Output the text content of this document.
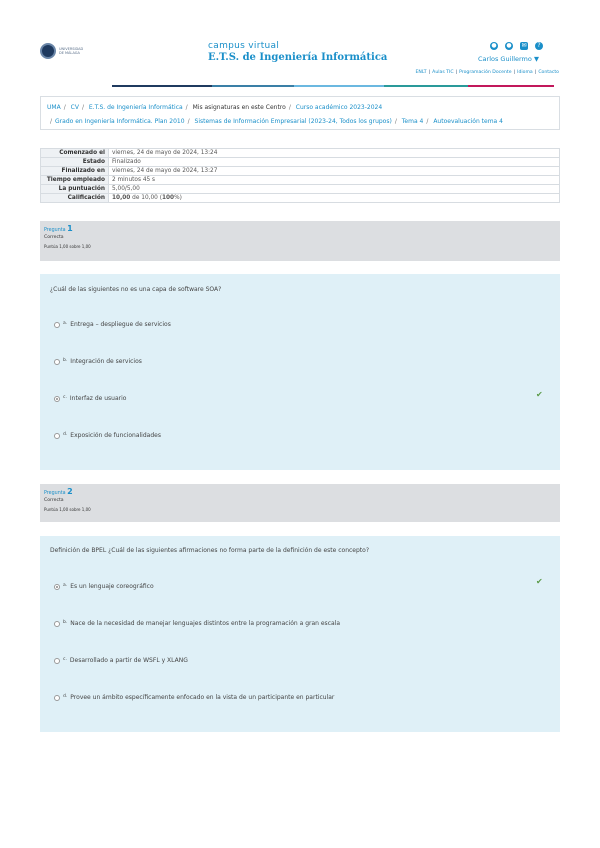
UNIVERSIDAD DE MÁLAGA
campus virtual
E.T.S. de Ingeniería Informática
● ● ✉	?
Carlos Guillermo ▼
ENLT | Aulas TIC | Programación Docente | Idioma | Contacto
UMA / CV / E.T.S. de Ingeniería Informática / Mis asignaturas en este Centro / Curso académico 2023-2024
/ Grado en Ingeniería Informática. Plan 2010 / Sistemas de Información Empresarial (2023-24, Todos los grupos) / Tema 4 / Autoevaluación tema 4
Comenzado el	viernes, 24 de mayo de 2024, 13:24
Estado	Finalizado
Finalizado en	viernes, 24 de mayo de 2024, 13:27
Tiempo empleado	2 minutos 45 s
La puntuación	5,00/5,00
Calificación	10,00 de 10,00 (100%)
Pregunta 1
Correcta
Puntúa 1,00 sobre 1,00
¿Cuál de las siguientes no es una capa de software SOA?
a. Entrega – despliegue de servicios
b. Integración de servicios
c. Interfaz de usuario	✔
d. Exposición de funcionalidades
Pregunta 2
Correcta
Puntúa 1,00 sobre 1,00
Definición de BPEL ¿Cuál de las siguientes afirmaciones no forma parte de la definición de este concepto?
a. Es un lenguaje coreográfico
✔
b. Nace de la necesidad de manejar lenguajes distintos entre la programación a gran escala
c. Desarrollado a partir de WSFL y XLANG
d. Provee un ámbito específicamente enfocado en la vista de un participante en particular
